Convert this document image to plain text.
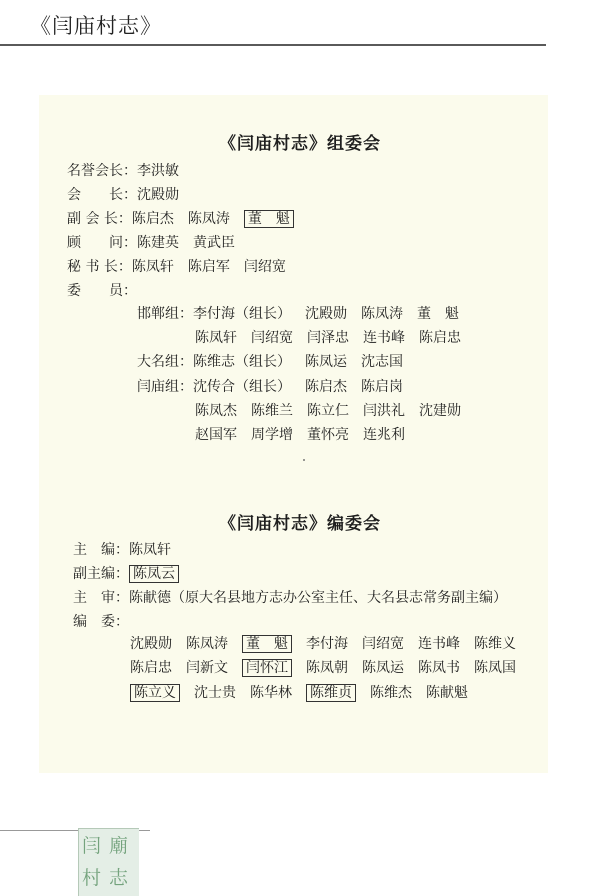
《闫庙村志》
《闫庙村志》组委会
名誉会长：李洪敏
会　　长：沈殿勋
副 会 长：陈启杰 陈凤涛 董　魁
顾　　问：陈建英 黄武臣
秘 书 长：陈凤轩 陈启军 闫绍宽
委　　员：
邯郸组：李付海（组长） 沈殿勋 陈凤涛 董　魁
陈凤轩 闫绍宽 闫泽忠 连书峰 陈启忠
大名组：陈维志（组长） 陈凤运 沈志国
闫庙组：沈传合（组长） 陈启杰 陈启岗
陈凤杰 陈维兰 陈立仁 闫洪礼 沈建勋
赵国军 周学增 董怀亮 连兆利
《闫庙村志》编委会
主　编：陈凤轩
副主编： 陈凤云
主　审：陈献德（原大名县地方志办公室主任、大名县志常务副主编）
编　委：
沈殿勋 陈凤涛 董　魁 李付海 闫绍宽 连书峰 陈维义
陈启忠 闫新文 闫怀江 陈凤朝 陈凤运 陈凤书 陈凤国
陈立义 沈士贵 陈华林 陈维贞 陈维杰 陈献魁
闫 廟
村 志
